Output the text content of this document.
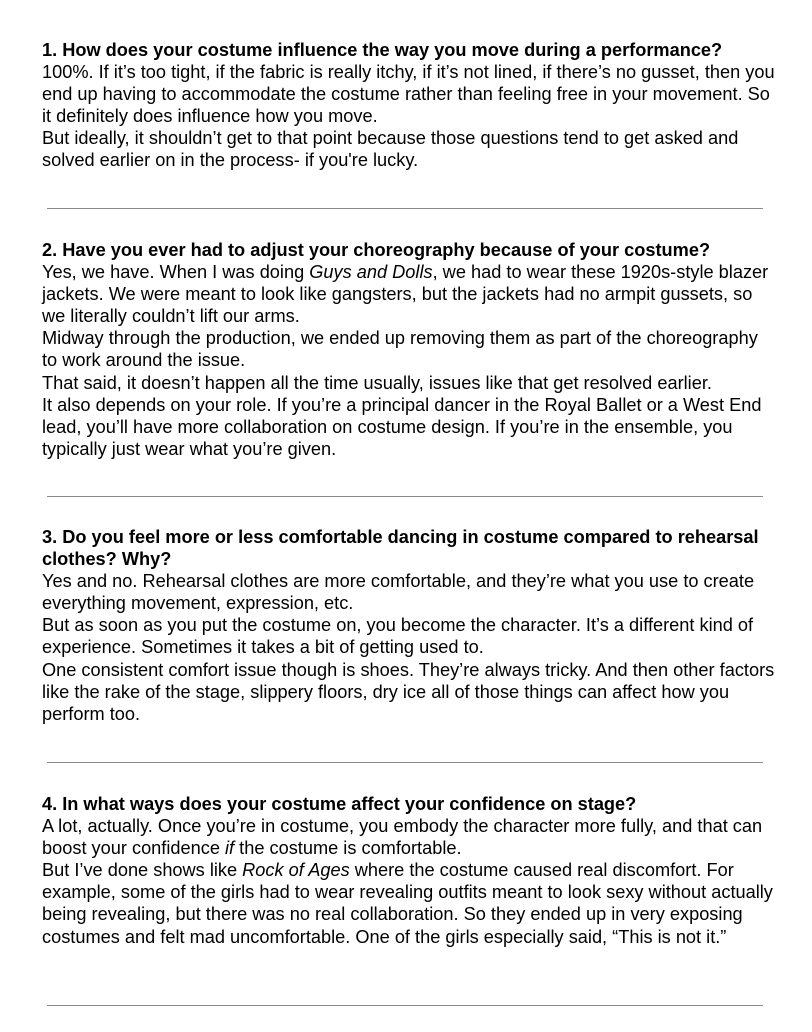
1. How does your costume influence the way you move during a performance?

100%. If it’s too tight, if the fabric is really itchy, if it’s not lined, if there’s no gusset, then you end up having to accommodate the costume rather than feeling free in your movement. So it definitely does influence how you move.

But ideally, it shouldn’t get to that point because those questions tend to get asked and solved earlier on in the process- if you're lucky.

2. Have you ever had to adjust your choreography because of your costume?

Yes, we have. When I was doing Guys and Dolls, we had to wear these 1920s-style blazer jackets. We were meant to look like gangsters, but the jackets had no armpit gussets, so we literally couldn’t lift our arms.

Midway through the production, we ended up removing them as part of the choreography to work around the issue.

That said, it doesn’t happen all the time usually, issues like that get resolved earlier.

It also depends on your role. If you’re a principal dancer in the Royal Ballet or a West End lead, you’ll have more collaboration on costume design. If you’re in the ensemble, you typically just wear what you’re given.

3. Do you feel more or less comfortable dancing in costume compared to rehearsal clothes? Why?

Yes and no. Rehearsal clothes are more comfortable, and they’re what you use to create everything movement, expression, etc.

But as soon as you put the costume on, you become the character. It’s a different kind of experience. Sometimes it takes a bit of getting used to.

One consistent comfort issue though is shoes. They’re always tricky. And then other factors like the rake of the stage, slippery floors, dry ice all of those things can affect how you perform too.

4. In what ways does your costume affect your confidence on stage?

A lot, actually. Once you’re in costume, you embody the character more fully, and that can boost your confidence if the costume is comfortable.

But I’ve done shows like Rock of Ages where the costume caused real discomfort. For example, some of the girls had to wear revealing outfits meant to look sexy without actually being revealing, but there was no real collaboration. So they ended up in very exposing costumes and felt mad uncomfortable. One of the girls especially said, “This is not it.”
